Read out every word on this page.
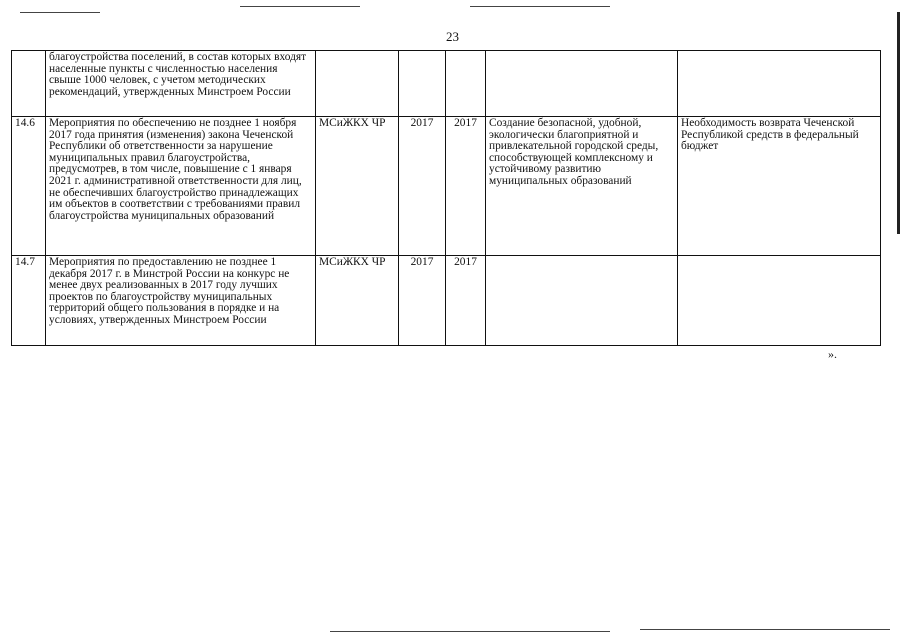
23
	благоустройства поселений, в состав которых входят населенные пункты с численностью населения свыше 1000 человек, с учетом методических рекомендаций, утвержденных Минстроем России					
14.6	Мероприятия по обеспечению не позднее 1 ноября 2017 года принятия (изменения) закона Чеченской Республики об ответственности за нарушение муниципальных правил благоустройства, предусмотрев, в том числе, повышение с 1 января 2021 г. административной ответственности для лиц, не обеспечивших благоустройство принадлежащих им объектов в соответствии с требованиями правил благоустройства муниципальных образований	МСиЖКХ ЧР	2017	2017	Создание безопасной, удобной, экологически благоприятной и привлекательной городской среды, способствующей комплексному и устойчивому развитию муниципальных образований	Необходимость возврата Чеченской Республикой средств в федеральный бюджет
14.7	Мероприятия по предоставлению не позднее 1 декабря 2017 г. в Минстрой России на конкурс не менее двух реализованных в 2017 году лучших проектов по благоустройству муниципальных территорий общего пользования в порядке и на условиях, утвержденных Минстроем России	МСиЖКХ ЧР	2017	2017		
».
